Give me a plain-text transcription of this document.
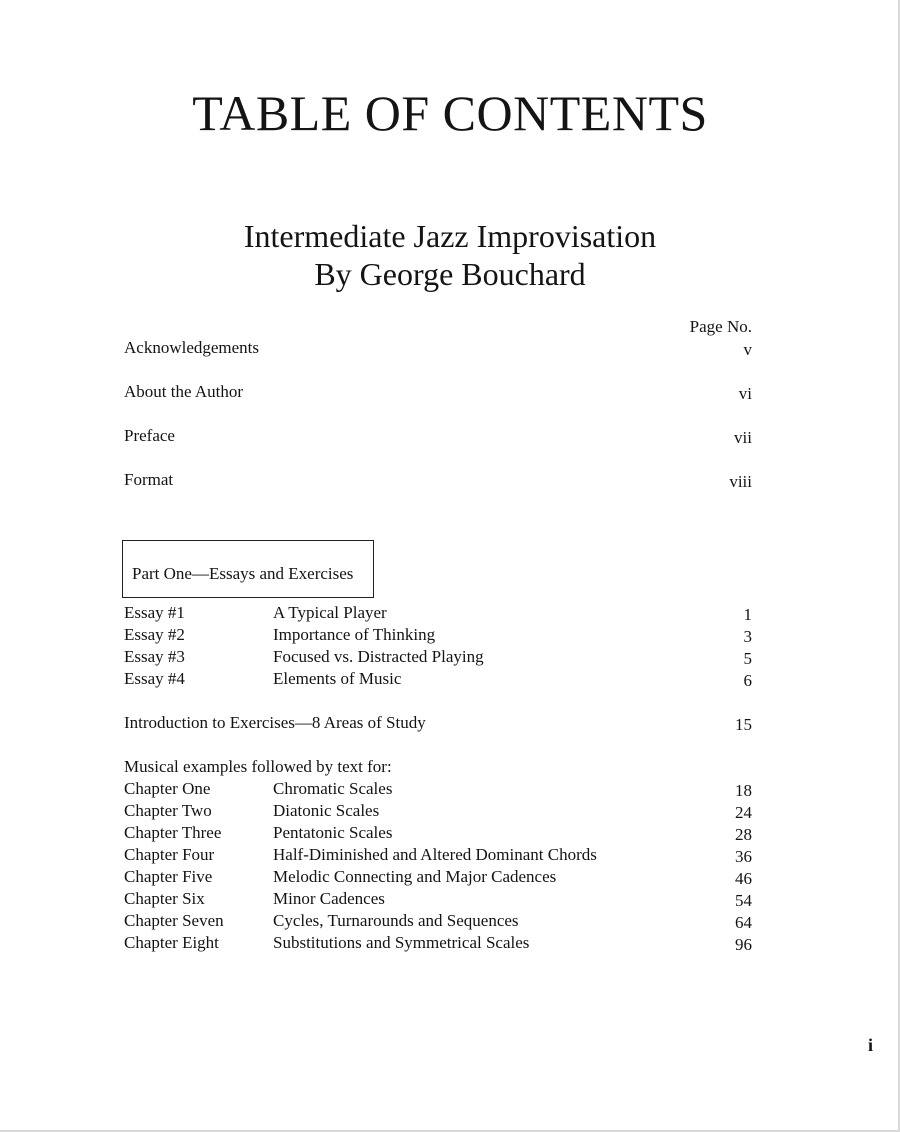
TABLE OF CONTENTS
Intermediate Jazz Improvisation
By George Bouchard
Page No.
Acknowledgements	v
About the Author	vi
Preface	vii
Format	viii
Part One—Essays and Exercises
Essay #1	A Typical Player	1
Essay #2	Importance of Thinking	3
Essay #3	Focused vs. Distracted Playing	5
Essay #4	Elements of Music	6
Introduction to Exercises—8 Areas of Study	15
Musical examples followed by text for:
Chapter One	Chromatic Scales	18
Chapter Two	Diatonic Scales	24
Chapter Three	Pentatonic Scales	28
Chapter Four	Half-Diminished and Altered Dominant Chords	36
Chapter Five	Melodic Connecting and Major Cadences	46
Chapter Six	Minor Cadences	54
Chapter Seven	Cycles, Turnarounds and Sequences	64
Chapter Eight	Substitutions and Symmetrical Scales	96
i
